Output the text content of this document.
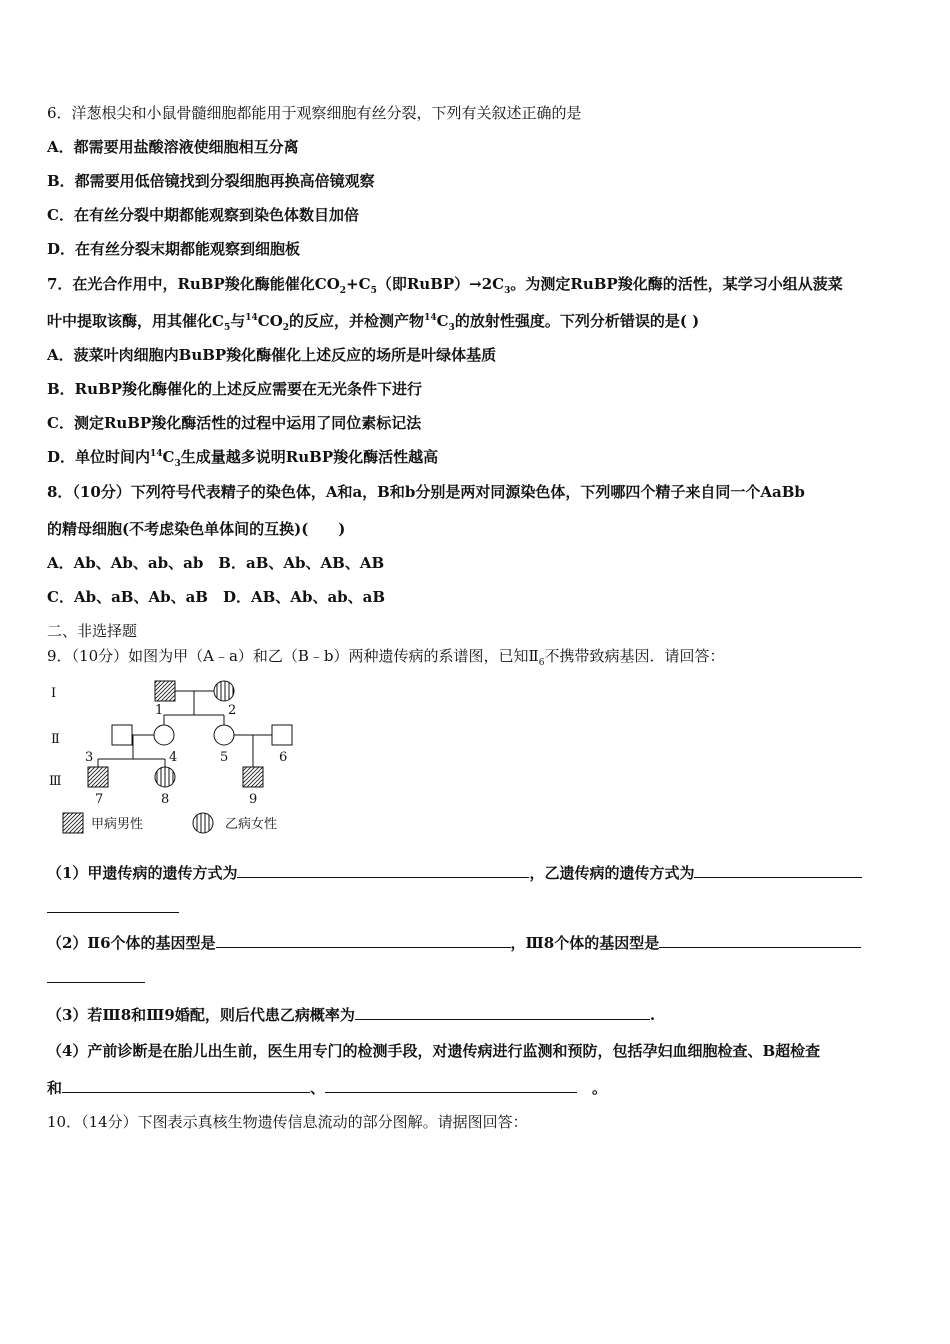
6．洋葱根尖和小鼠骨髓细胞都能用于观察细胞有丝分裂，下列有关叙述正确的是
A．都需要用盐酸溶液使细胞相互分离
B．都需要用低倍镜找到分裂细胞再换高倍镜观察
C．在有丝分裂中期都能观察到染色体数目加倍
D．在有丝分裂末期都能观察到细胞板
7．在光合作用中，RuBP羧化酶能催化$CO_2+C_5$（即$RuBP)\to 2C_3$。为测定RuBP羧化酶的活性，某学习小组从菠菜
叶中提取该酶，用其催化$C_5$与$^{14}CO_2$的反应，并检测产物$^{14}C_3$的放射性强度。下列分析错误的是( )
A．菠菜叶肉细胞内BuBP羧化酶催化上述反应的场所是叶绿体基质
B．RuBP羧化酶催化的上述反应需要在无光条件下进行
C．测定RuBP羧化酶活性的过程中运用了同位素标记法
D．单位时间内$^{14}C_3$生成量越多说明RuBP羧化酶活性越高
8．（10分）下列符号代表精子的染色体，A和a，B和b分别是两对同源染色体，下列哪四个精子来自同一个AaBb
的精母细胞(不考虑染色单体间的互换)(　　)
A．Ab、Ab、ab、ab　B．aB、Ab、AB、AB
C．Ab、aB、Ab、aB　D．AB、Ab、ab、aB
二、非选择题
9．（10分）如图为甲（A﹣a）和乙（B﹣b）两种遗传病的系谱图，已知$Ⅱ_6$不携带致病基因．请回答：
Ⅰ
Ⅱ
Ⅲ
1	2
3	4	5	6
7	8	9
甲病男性	乙病女性
（1）甲遗传病的遗传方式为	，乙遗传病的遗传方式为
（2）Ⅱ6个体的基因型是	，Ⅲ8个体的基因型是
（3）若Ⅲ8和Ⅲ9婚配，则后代患乙病概率为	.
（4）产前诊断是在胎儿出生前，医生用专门的检测手段，对遗传病进行监测和预防，包括孕妇血细胞检查、B超检查
和	、	　。
10．（14分）下图表示真核生物遗传信息流动的部分图解。请据图回答：
